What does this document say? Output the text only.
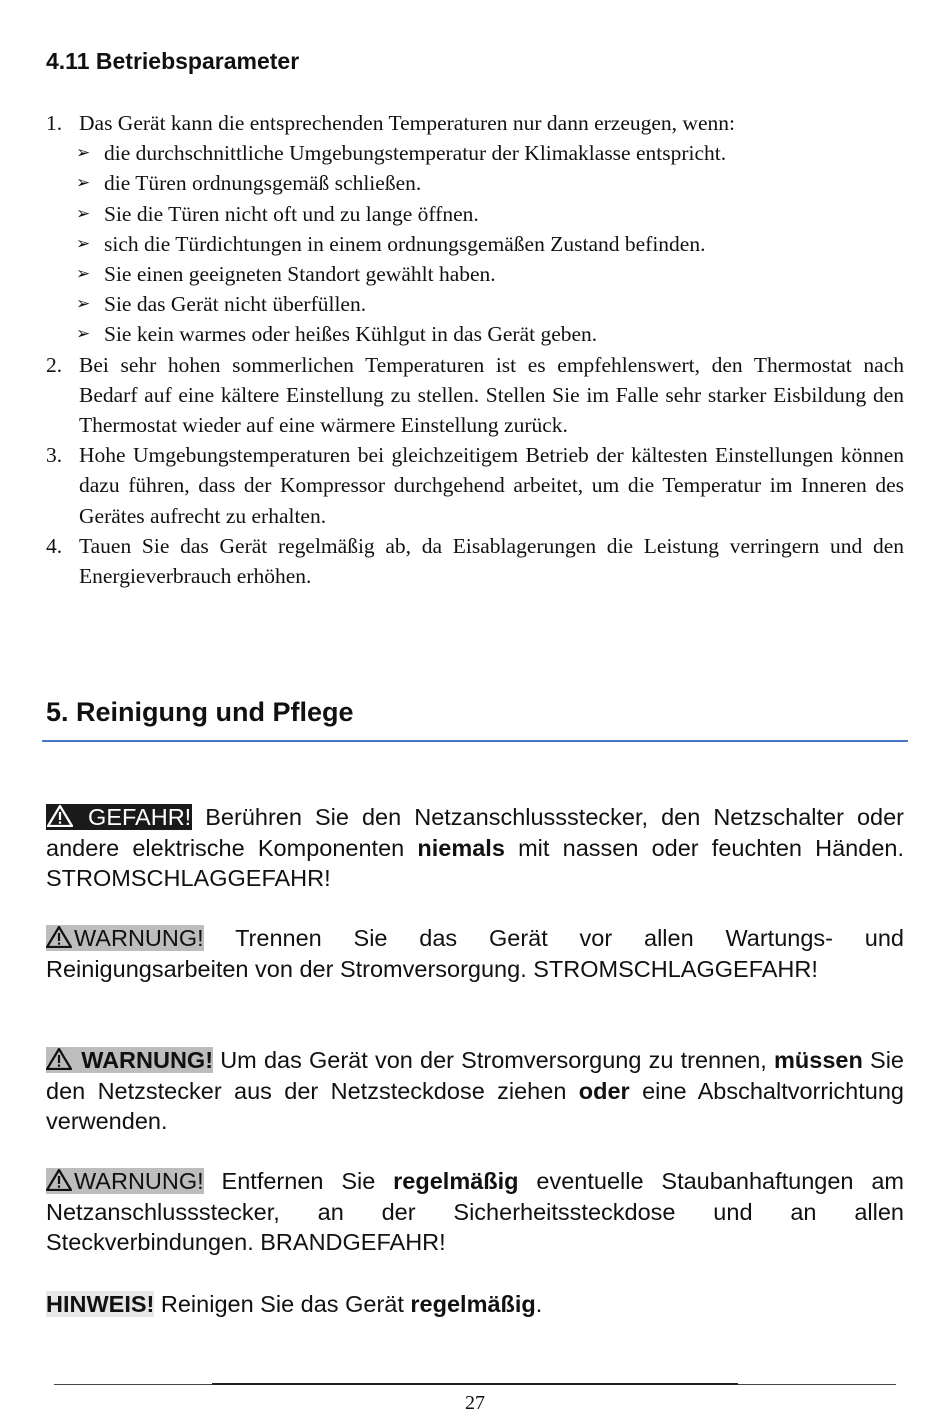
4.11 Betriebsparameter
1. Das Gerät kann die entsprechenden Temperaturen nur dann erzeugen, wenn:
➢ die durchschnittliche Umgebungstemperatur der Klimaklasse entspricht.
➢ die Türen ordnungsgemäß schließen.
➢ Sie die Türen nicht oft und zu lange öffnen.
➢ sich die Türdichtungen in einem ordnungsgemäßen Zustand befinden.
➢ Sie einen geeigneten Standort gewählt haben.
➢ Sie das Gerät nicht überfüllen.
➢ Sie kein warmes oder heißes Kühlgut in das Gerät geben.
2. Bei sehr hohen sommerlichen Temperaturen ist es empfehlenswert, den Thermostat nach Bedarf auf eine kältere Einstellung zu stellen. Stellen Sie im Falle sehr starker Eisbildung den Thermostat wieder auf eine wärmere Einstellung zurück.
3. Hohe Umgebungstemperaturen bei gleichzeitigem Betrieb der kältesten Einstellungen können dazu führen, dass der Kompressor durchgehend arbeitet, um die Temperatur im Inneren des Gerätes aufrecht zu erhalten.
4. Tauen Sie das Gerät regelmäßig ab, da Eisablagerungen die Leistung verringern und den Energieverbrauch erhöhen.
5. Reinigung und Pflege
GEFAHR! Berühren Sie den Netzanschlussstecker, den Netzschalter oder andere elektrische Komponenten niemals mit nassen oder feuchten Händen. STROMSCHLAGGEFAHR!
WARNUNG! Trennen Sie das Gerät vor allen Wartungs- und Reinigungsarbeiten von der Stromversorgung. STROMSCHLAGGEFAHR!
WARNUNG! Um das Gerät von der Stromversorgung zu trennen, müssen Sie den Netzstecker aus der Netzsteckdose ziehen oder eine Abschaltvorrichtung verwenden.
WARNUNG! Entfernen Sie regelmäßig eventuelle Staubanhaftungen am Netzanschlussstecker, an der Sicherheitssteckdose und an allen Steckverbindungen. BRANDGEFAHR!
HINWEIS! Reinigen Sie das Gerät regelmäßig.
27
